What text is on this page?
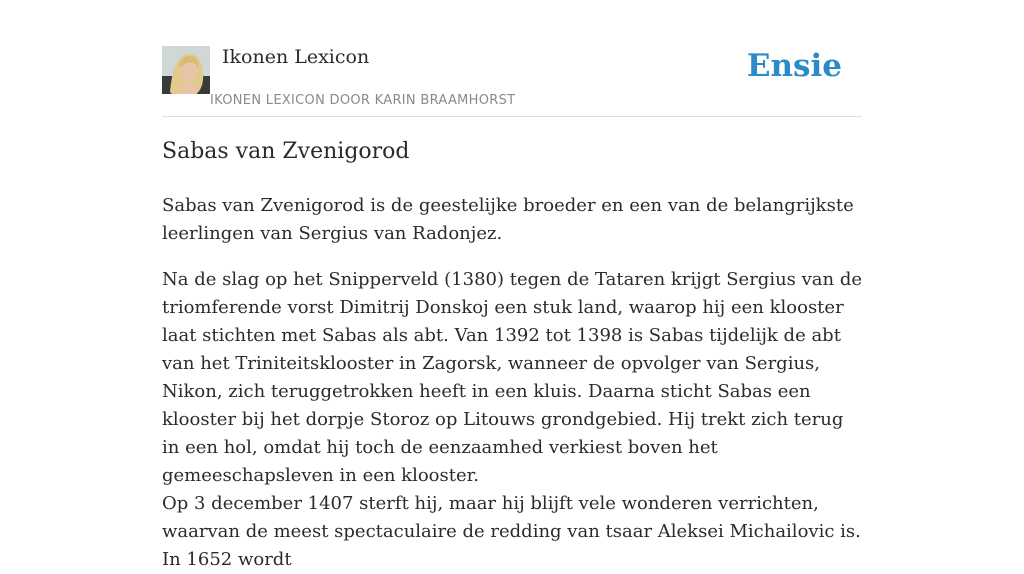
Ikonen Lexicon
IKONEN LEXICON DOOR KARIN BRAAMHORST
Ensie
Sabas van Zvenigorod

Sabas van Zvenigorod is de geestelijke broeder en een van de belangrijkste leerlingen van Sergius van Radonjez.

Na de slag op het Snipperveld (1380) tegen de Tataren krijgt Sergius van de triomferende vorst Dimitrij Donskoj een stuk land, waarop hij een klooster laat stichten met Sabas als abt. Van 1392 tot 1398 is Sabas tijdelijk de abt van het Triniteitsklooster in Zagorsk, wanneer de opvolger van Sergius, Nikon, zich teruggetrokken heeft in een kluis. Daarna sticht Sabas een klooster bij het dorpje Storoz op Litouws grondgebied. Hij trekt zich terug in een hol, omdat hij toch de eenzaamhed verkiest boven het gemeeschapsleven in een klooster.

Op 3 december 1407 sterft hij, maar hij blijft vele wonderen verrichten, waarvan de meest spectaculaire de redding van tsaar Aleksei Michailovic is. In 1652 wordt
